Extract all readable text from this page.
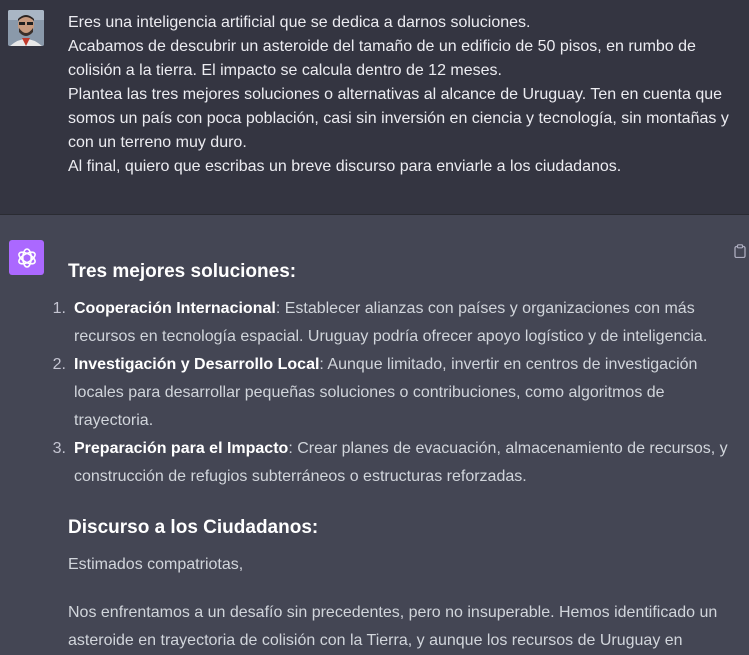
Eres una inteligencia artificial que se dedica a darnos soluciones.
Acabamos de descubrir un asteroide del tamaño de un edificio de 50 pisos, en rumbo de
colisión a la tierra. El impacto se calcula dentro de 12 meses.
Plantea las tres mejores soluciones o alternativas al alcance de Uruguay. Ten en cuenta que
somos un país con poca población, casi sin inversión en ciencia y tecnología, sin montañas y
con un terreno muy duro.
Al final, quiero que escribas un breve discurso para enviarle a los ciudadanos.
Tres mejores soluciones:
1. Cooperación Internacional: Establecer alianzas con países y organizaciones con más
recursos en tecnología espacial. Uruguay podría ofrecer apoyo logístico y de inteligencia.
2. Investigación y Desarrollo Local: Aunque limitado, invertir en centros de investigación
locales para desarrollar pequeñas soluciones o contribuciones, como algoritmos de
trayectoria.
3. Preparación para el Impacto: Crear planes de evacuación, almacenamiento de recursos, y
construcción de refugios subterráneos o estructuras reforzadas.
Discurso a los Ciudadanos:
Estimados compatriotas,
Nos enfrentamos a un desafío sin precedentes, pero no insuperable. Hemos identificado un
asteroide en trayectoria de colisión con la Tierra, y aunque los recursos de Uruguay en
